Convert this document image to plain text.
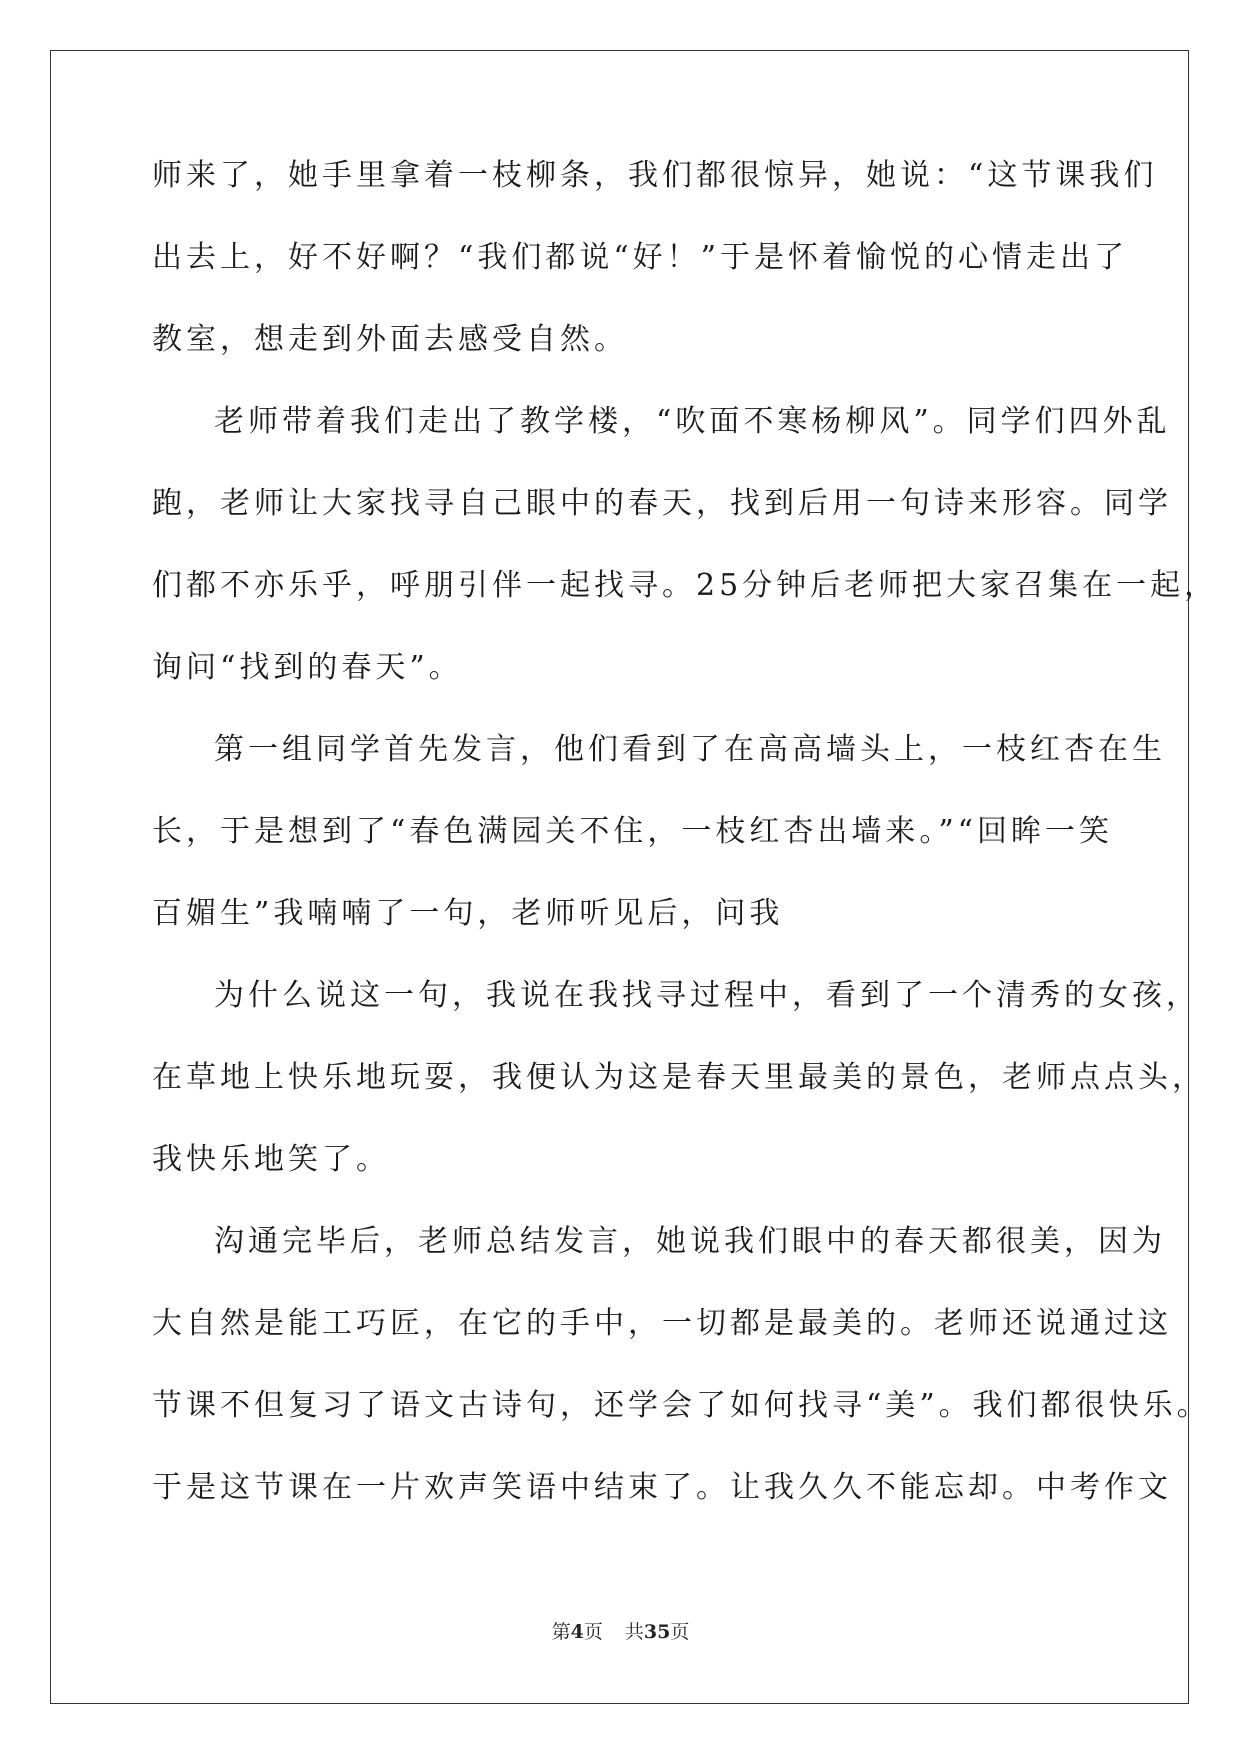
师来了，她手里拿着一枝柳条，我们都很惊异，她说：“这节课我们

出去上，好不好啊？“我们都说“好！”于是怀着愉悦的心情走出了

教室，想走到外面去感受自然。

老师带着我们走出了教学楼，“吹面不寒杨柳风”。同学们四外乱

跑，老师让大家找寻自己眼中的春天，找到后用一句诗来形容。同学

们都不亦乐乎，呼朋引伴一起找寻。25分钟后老师把大家召集在一起，

询问“找到的春天”。

第一组同学首先发言，他们看到了在高高墙头上，一枝红杏在生

长，于是想到了“春色满园关不住，一枝红杏出墙来。”“回眸一笑

百媚生”我喃喃了一句，老师听见后，问我

为什么说这一句，我说在我找寻过程中，看到了一个清秀的女孩，

在草地上快乐地玩耍，我便认为这是春天里最美的景色，老师点点头，

我快乐地笑了。

沟通完毕后，老师总结发言，她说我们眼中的春天都很美，因为

大自然是能工巧匠，在它的手中，一切都是最美的。老师还说通过这

节课不但复习了语文古诗句，还学会了如何找寻“美”。我们都很快乐。

于是这节课在一片欢声笑语中结束了。让我久久不能忘却。中考作文

第4页 共35页
